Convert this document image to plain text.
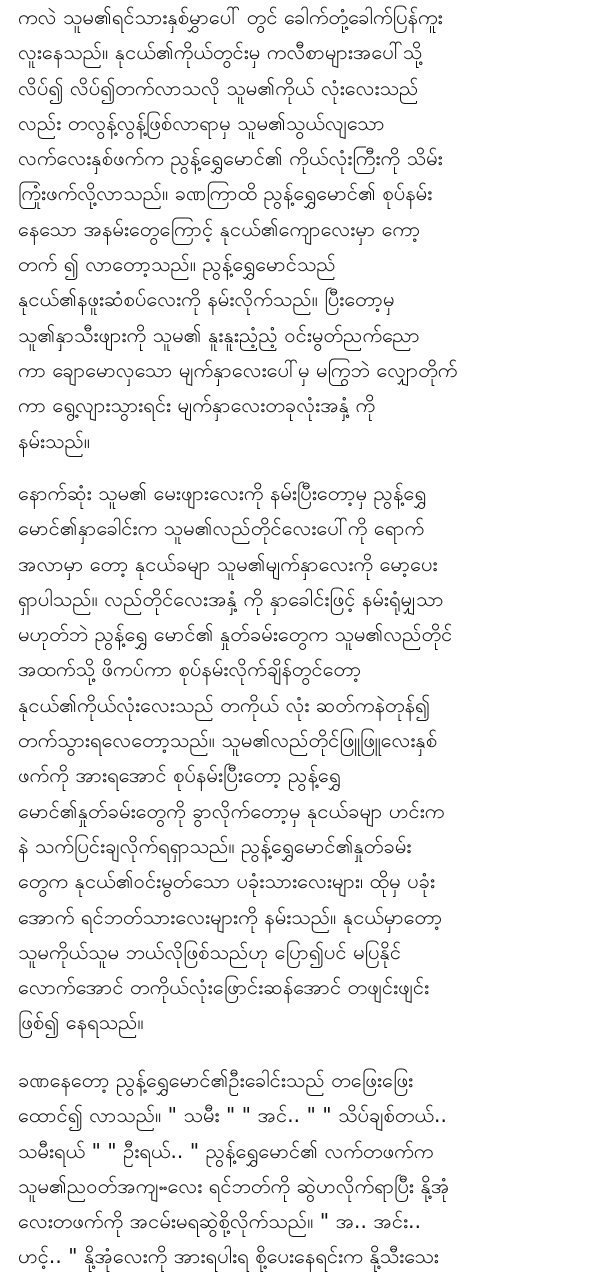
ကလဲ သူမ၏ရင်သားနှစ်မွှာပေါ် တွင် ခေါက်တုံ့ခေါက်ပြန်ကူး
လူးနေသည်။ နုငယ်၏ကိုယ်တွင်းမှ ကလီစာများအပေါ်သို့
လိပ်၍ လိပ်၍တက်လာသလို သူမ၏ကိုယ် လုံးလေးသည်
လည်း တလွန့်လွန့်ဖြစ်လာရာမှ သူမ၏သွယ်လျသော
လက်လေးနှစ်ဖက်က ညွန့်ရွှေမောင်၏ ကိုယ်လုံးကြီးကို သိမ်း
ကြုံးဖက်လို့လာသည်။ ခဏကြာထိ ညွန့်ရွှေမောင်၏ စုပ်နမ်း
နေသော အနမ်းတွေကြောင့် နုငယ်၏ကျောလေးမှာ ကော့
တက် ၍ လာတော့သည်။ ညွန့်ရွှေမောင်သည်
နုငယ်၏နဖူးဆံစပ်လေးကို နမ်းလိုက်သည်။ ပြီးတော့မှ
သူ၏နှာသီးဖျားကို သူမ၏ နူးနူးညံ့ညံ့ ဝင်းမွတ်ညက်ညော
ကာ ချောမောလှသော မျက်နှာလေးပေါ်မှ မကြွဘဲ လျှောတိုက်
ကာ ရွေ့လျားသွားရင်း မျက်နှာလေးတခုလုံးအနှံ့ ကို
နမ်းသည်။

နောက်ဆုံး သူမ၏ မေးဖျားလေးကို နမ်းပြီးတော့မှ ညွန့်ရွှေ
မောင်၏နှာခေါင်းက သူမ၏လည်တိုင်လေးပေါ်ကို ရောက်
အလာမှာ တော့ နုငယ်ခမျာ သူမ၏မျက်နှာလေးကို မော့ပေး
ရှာပါသည်။ လည်တိုင်လေးအနှံ့ ကို နှာခေါင်းဖြင့် နမ်းရုံမျှသာ
မဟုတ်ဘဲ ညွန့်ရွှေ မောင်၏ နှုတ်ခမ်းတွေက သူမ၏လည်တိုင်
အထက်သို့ ဖိကပ်ကာ စုပ်နမ်းလိုက်ချိန်တွင်တော့
နုငယ်၏ကိုယ်လုံးလေးသည် တကိုယ် လုံး ဆတ်ကနဲတုန်၍
တက်သွားရလေတော့သည်။ သူမ၏လည်တိုင်ဖြူဖြူလေးနှစ်
ဖက်ကို အားရအောင် စုပ်နမ်းပြီးတော့ ညွန့်ရွှေ
မောင်၏နှုတ်ခမ်းတွေကို ခွာလိုက်တော့မှ နုငယ်ခမျာ ဟင်းက
နဲ သက်ပြင်းချလိုက်ရရှာသည်။ ညွန့်ရွှေမောင်၏နှုတ်ခမ်း
တွေက နုငယ်၏ဝင်းမွတ်သော ပခုံးသားလေးများ၊ ထိုမှ ပခုံး
အောက် ရင်ဘတ်သားလေးများကို နမ်းသည်။ နုငယ်မှာတော့
သူမကိုယ်သူမ ဘယ်လိုဖြစ်သည်ဟု ပြော၍ပင် မပြနိုင်
လောက်အောင် တကိုယ်လုံးဖြောင်းဆန်အောင် တဖျင်းဖျင်း
ဖြစ်၍ နေရသည်။

ခဏနေတော့ ညွန့်ရွှေမောင်၏ဦးခေါင်းသည် တဖြေးဖြေး
ထောင်၍ လာသည်။ " သမီး " " အင်.. " " သိပ်ချစ်တယ်..
သမီးရယ် " " ဦးရယ်.. " ညွန့်ရွှေမောင်၏ လက်တဖက်က
သူမ၏ညဝတ်အကျႌလေး ရင်ဘတ်ကို ဆွဲဟလိုက်ရာပြီး နို့အုံ
လေးတဖက်ကို အငမ်းမရဆွဲစို့လိုက်သည်။ " အ.. အင်း..
ဟင့်.. " နို့အုံလေးကို အားရပါးရ စို့ပေးနေရင်းက နို့သီးသေး
